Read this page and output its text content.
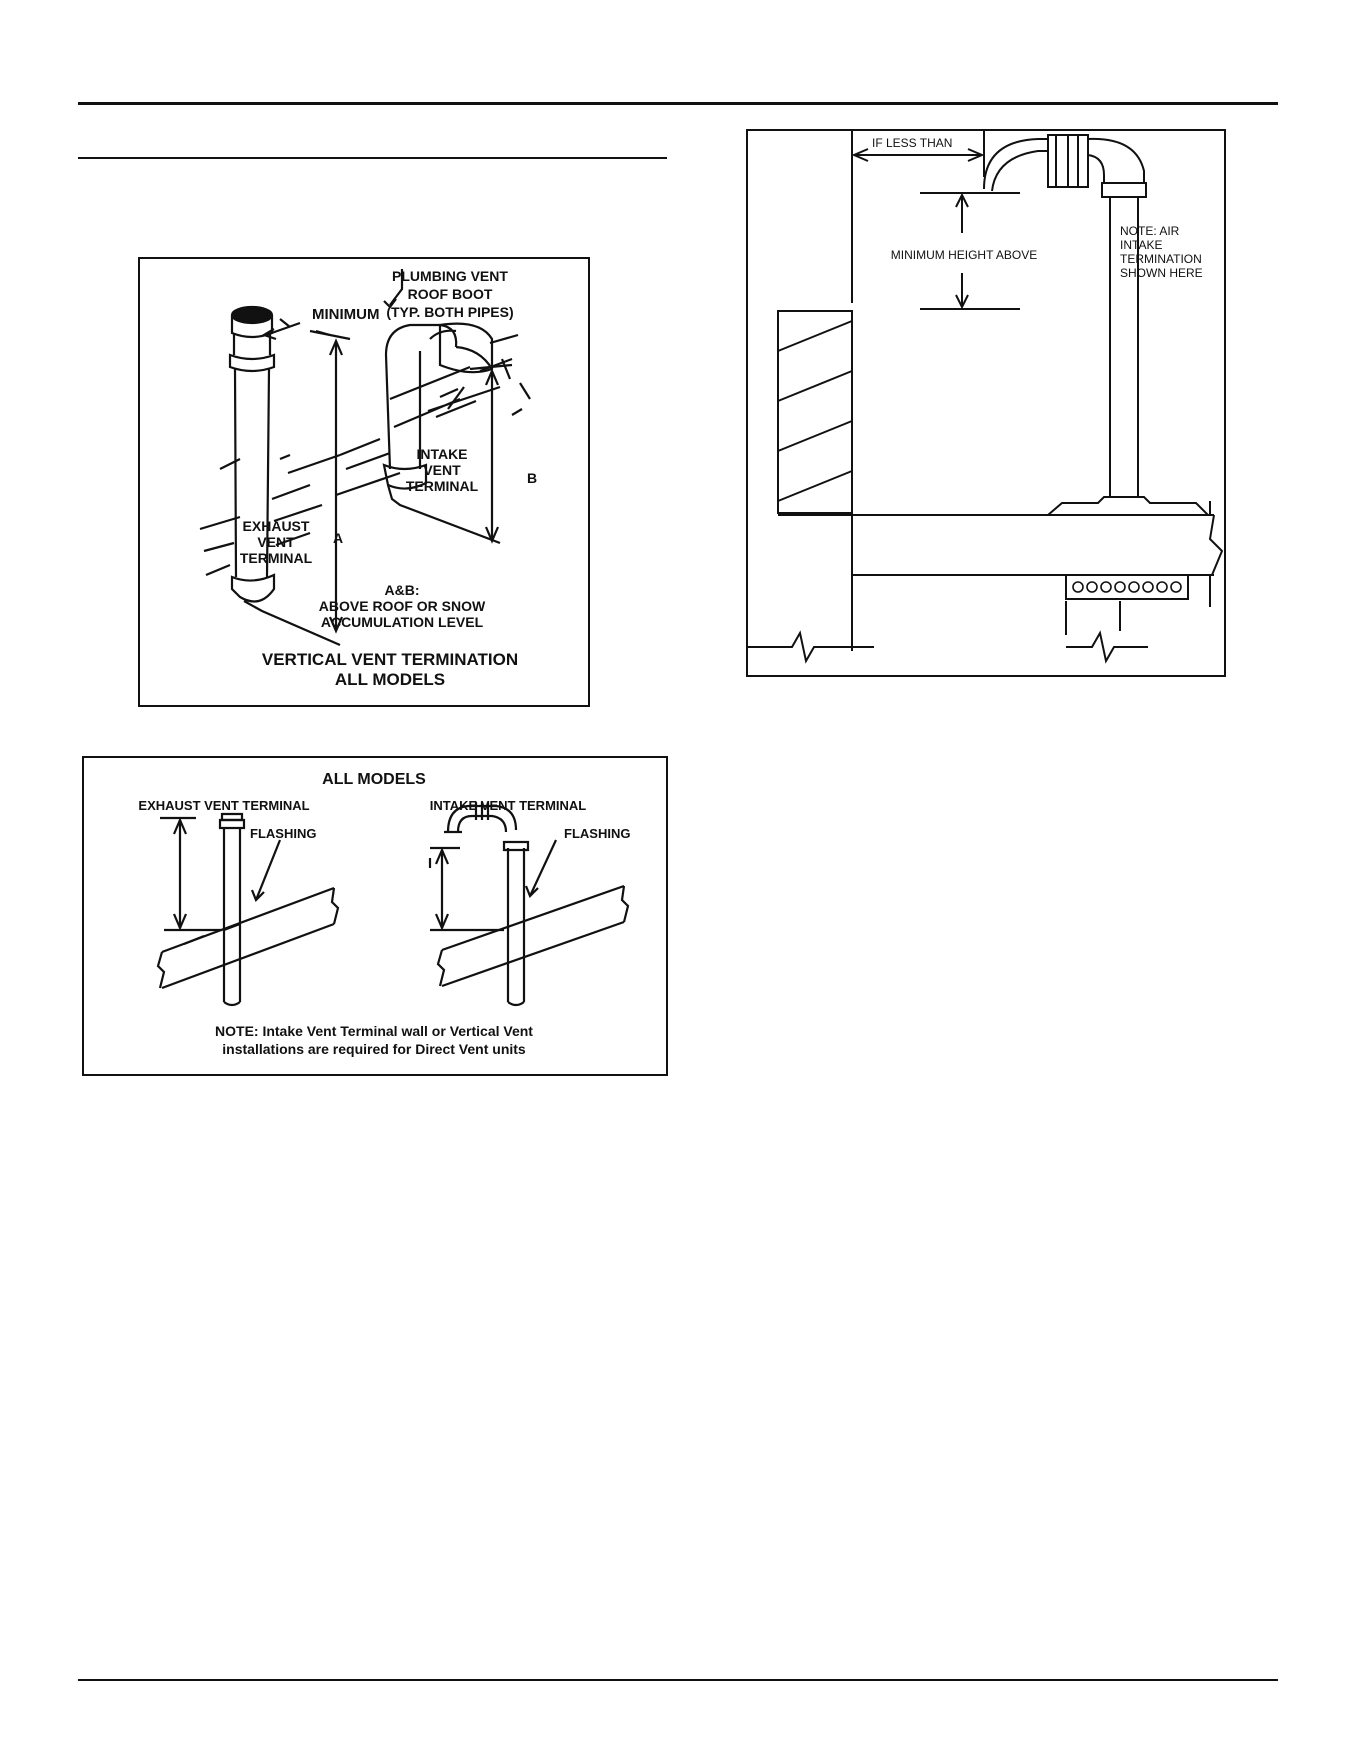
MINIMUM
PLUMBING VENT
ROOF BOOT
(TYP. BOTH PIPES)
INTAKE
VENT
TERMINAL
EXHAUST
VENT
TERMINAL
A
B
A&B:
ABOVE ROOF OR SNOW
ACCUMULATION LEVEL
VERTICAL VENT TERMINATION
ALL MODELS
ALL MODELS
EXHAUST VENT TERMINAL	INTAKE VENT TERMINAL
FLASHING	FLASHING
NOTE: Intake Vent Terminal wall or Vertical Vent
installations are required for Direct Vent units
IF LESS THAN
MINIMUM HEIGHT ABOVE
NOTE: AIR
INTAKE
TERMINATION
SHOWN HERE
